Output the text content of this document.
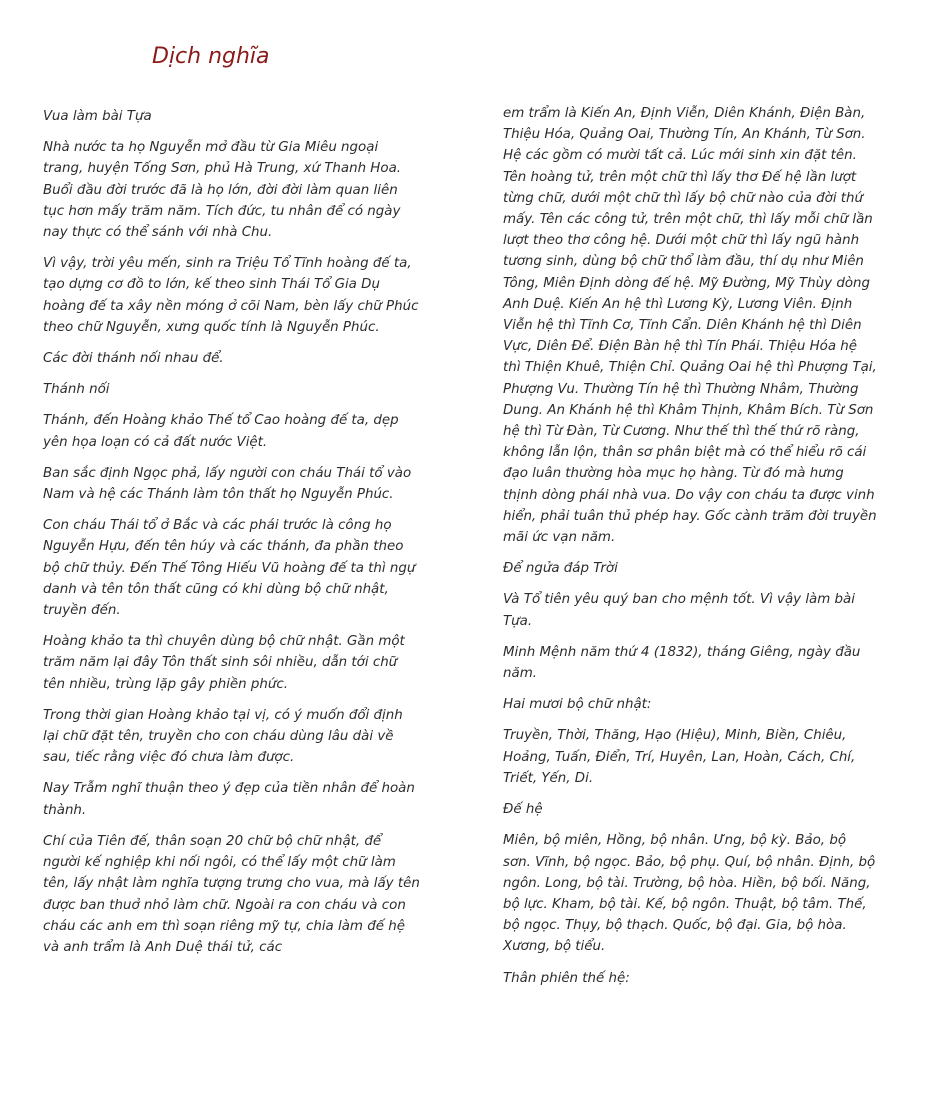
Dịch nghĩa

Vua làm bài Tựa

Nhà nước ta họ Nguyễn mở đầu từ Gia Miêu ngoại trang, huyện Tống Sơn, phủ Hà Trung, xứ Thanh Hoa. Buổi đầu đời trước đã là họ lớn, đời đời làm quan liên tục hơn mấy trăm năm. Tích đức, tu nhân để có ngày nay thực có thể sánh với nhà Chu.

Vì vậy, trời yêu mến, sinh ra Triệu Tổ Tĩnh hoàng đế ta, tạo dựng cơ đồ to lớn, kế theo sinh Thái Tổ Gia Dụ hoàng đế ta xây nền móng ở cõi Nam, bèn lấy chữ Phúc theo chữ Nguyễn, xưng quốc tính là Nguyễn Phúc.

Các đời thánh nối nhau để.

Thánh nối

Thánh, đến Hoàng khảo Thế tổ Cao hoàng đế ta, dẹp yên họa loạn có cả đất nước Việt.

Ban sắc định Ngọc phả, lấy người con cháu Thái tổ vào Nam và hệ các Thánh làm tôn thất họ Nguyễn Phúc.

Con cháu Thái tổ ở Bắc và các phái trước là công họ Nguyễn Hựu, đến tên húy và các thánh, đa phần theo bộ chữ thủy. Đến Thế Tông Hiếu Vũ hoàng đế ta thì ngự danh và tên tôn thất cũng có khi dùng bộ chữ nhật, truyền đến.

Hoàng khảo ta thì chuyên dùng bộ chữ nhật. Gần một trăm năm lại đây Tôn thất sinh sôi nhiều, dẫn tới chữ tên nhiều, trùng lặp gây phiền phức.

Trong thời gian Hoàng khảo tại vị, có ý muốn đổi định lại chữ đặt tên, truyền cho con cháu dùng lâu dài về sau, tiếc rằng việc đó chưa làm được.

Nay Trẫm nghĩ thuận theo ý đẹp của tiền nhân để hoàn thành.

Chí của Tiên đế, thân soạn 20 chữ bộ chữ nhật, để người kế nghiệp khi nối ngôi, có thể lấy một chữ làm tên, lấy nhật làm nghĩa tượng trưng cho vua, mà lấy tên được ban thuở nhỏ làm chữ. Ngoài ra con cháu và con cháu các anh em thì soạn riêng mỹ tự, chia làm đế hệ và anh trẩm là Anh Duệ thái tử, các

em trẩm là Kiến An, Định Viễn, Diên Khánh, Điện Bàn, Thiệu Hóa, Quảng Oai, Thường Tín, An Khánh, Từ Sơn. Hệ các gồm có mười tất cả. Lúc mới sinh xin đặt tên. Tên hoàng tử, trên một chữ thì lấy thơ Đế hệ lần lượt từng chữ, dưới một chữ thì lấy bộ chữ nào của đời thứ mấy. Tên các công tử, trên một chữ, thì lấy mỗi chữ lần lượt theo thơ công hệ. Dưới một chữ thì lấy ngũ hành tương sinh, dùng bộ chữ thổ làm đầu, thí dụ như Miên Tông, Miên Định dòng đế hệ. Mỹ Đường, Mỹ Thùy dòng Anh Duệ. Kiến An hệ thì Lương Kỳ, Lương Viên. Định Viễn hệ thì Tĩnh Cơ, Tĩnh Cẩn. Diên Khánh hệ thì Diên Vực, Diên Để. Điện Bàn hệ thì Tín Phái. Thiệu Hóa hệ thì Thiện Khuê, Thiện Chỉ. Quảng Oai hệ thì Phượng Tại, Phượng Vu. Thường Tín hệ thì Thường Nhâm, Thường Dung. An Khánh hệ thì Khâm Thịnh, Khâm Bích. Từ Sơn hệ thì Từ Đàn, Từ Cương. Như thế thì thế thứ rõ ràng, không lẫn lộn, thân sơ phân biệt mà có thể hiểu rõ cái đạo luân thường hòa mục họ hàng. Từ đó mà hưng thịnh dòng phái nhà vua. Do vậy con cháu ta được vinh hiển, phải tuân thủ phép hay. Gốc cành trăm đời truyền mãi ức vạn năm.

Để ngửa đáp Trời

Và Tổ tiên yêu quý ban cho mệnh tốt. Vì vậy làm bài Tựa.

Minh Mệnh năm thứ 4 (1832), tháng Giêng, ngày đầu năm.

Hai mươi bộ chữ nhật:

Truyền, Thời, Thăng, Hạo (Hiệu), Minh, Biền, Chiêu, Hoảng, Tuấn, Điển, Trí, Huyên, Lan, Hoàn, Cách, Chí, Triết, Yến, Di.

Đế hệ

Miên, bộ miên, Hồng, bộ nhân. Ưng, bộ kỳ. Bảo, bộ sơn. Vĩnh, bộ ngọc. Bảo, bộ phụ. Quí, bộ nhân. Định, bộ ngôn. Long, bộ tài. Trường, bộ hòa. Hiền, bộ bối. Năng, bộ lực. Kham, bộ tài. Kế, bộ ngôn. Thuật, bộ tâm. Thế, bộ ngọc. Thụy, bộ thạch. Quốc, bộ đại. Gia, bộ hòa. Xương, bộ tiểu.

Thân phiên thế hệ:
